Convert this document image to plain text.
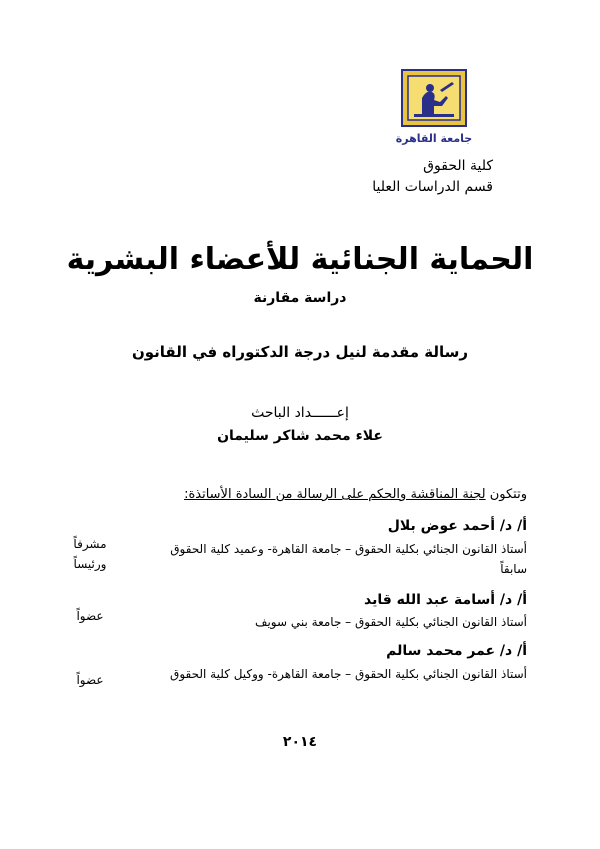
جامعة القاهرة
كلية الحقوق
قسم الدراسات العليا
الحماية الجنائية للأعضاء البشرية
دراسة مقارنة
رسالة مقدمة لنيل درجة الدكتوراه في القانون
إعــــــداد الباحث
علاء محمد شاكر سليمان
وتتكون لجنة المناقشة والحكم على الرسالة من السادة الأساتذة:
أ/ د/ أحمد عوض بلال
أستاذ القانون الجنائي بكلية الحقوق – جامعة القاهرة- وعميد كلية الحقوق سابقاً
مشرفاً
ورئيساً
أ/ د/ أسامة عبد الله قايد
أستاذ القانون الجنائي بكلية الحقوق – جامعة بني سويف
عضواً
أ/ د/ عمر محمد سالم
أستاذ القانون الجنائي بكلية الحقوق – جامعة القاهرة- ووكيل كلية الحقوق
عضواً
٢٠١٤
